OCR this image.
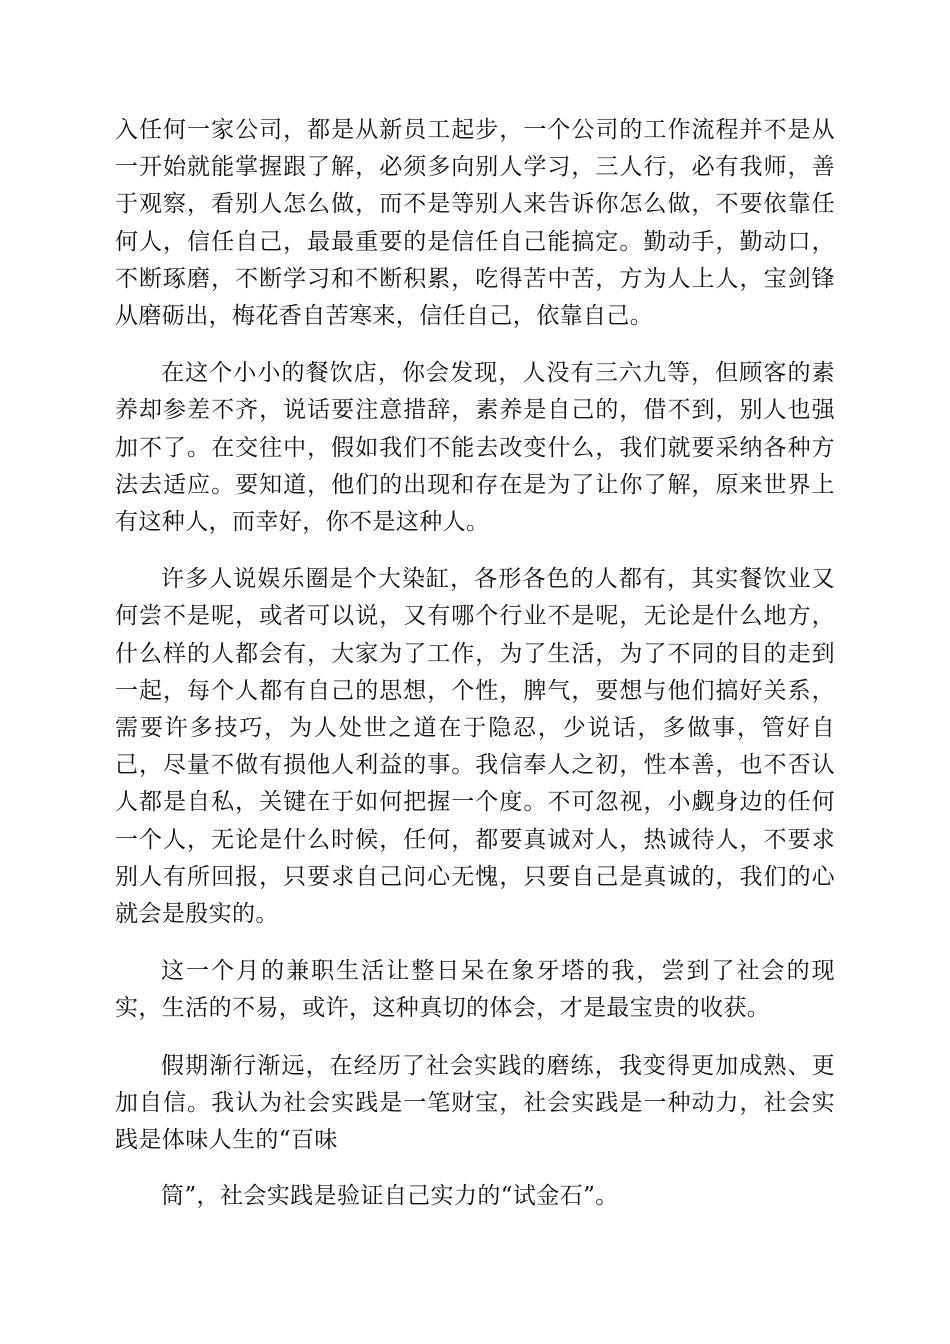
入任何一家公司，都是从新员工起步，一个公司的工作流程并不是从一开始就能掌握跟了解，必须多向别人学习，三人行，必有我师，善于观察，看别人怎么做，而不是等别人来告诉你怎么做，不要依靠任何人，信任自己，最最重要的是信任自己能搞定。勤动手，勤动口，不断琢磨，不断学习和不断积累，吃得苦中苦，方为人上人，宝剑锋从磨砺出，梅花香自苦寒来，信任自己，依靠自己。

在这个小小的餐饮店，你会发现，人没有三六九等，但顾客的素养却参差不齐，说话要注意措辞，素养是自己的，借不到，别人也强加不了。在交往中，假如我们不能去改变什么，我们就要采纳各种方法去适应。要知道，他们的出现和存在是为了让你了解，原来世界上有这种人，而幸好，你不是这种人。

许多人说娱乐圈是个大染缸，各形各色的人都有，其实餐饮业又何尝不是呢，或者可以说，又有哪个行业不是呢，无论是什么地方，什么样的人都会有，大家为了工作，为了生活，为了不同的目的走到一起，每个人都有自己的思想，个性，脾气，要想与他们搞好关系，需要许多技巧，为人处世之道在于隐忍，少说话，多做事，管好自己，尽量不做有损他人利益的事。我信奉人之初，性本善，也不否认人都是自私，关键在于如何把握一个度。不可忽视，小觑身边的任何一个人，无论是什么时候，任何，都要真诚对人，热诚待人，不要求别人有所回报，只要求自己问心无愧，只要自己是真诚的，我们的心就会是殷实的。

这一个月的兼职生活让整日呆在象牙塔的我，尝到了社会的现实，生活的不易，或许，这种真切的体会，才是最宝贵的收获。

假期渐行渐远，在经历了社会实践的磨练，我变得更加成熟、更加自信。我认为社会实践是一笔财宝，社会实践是一种动力，社会实践是体味人生的“百味

筒”，社会实践是验证自己实力的“试金石”。
